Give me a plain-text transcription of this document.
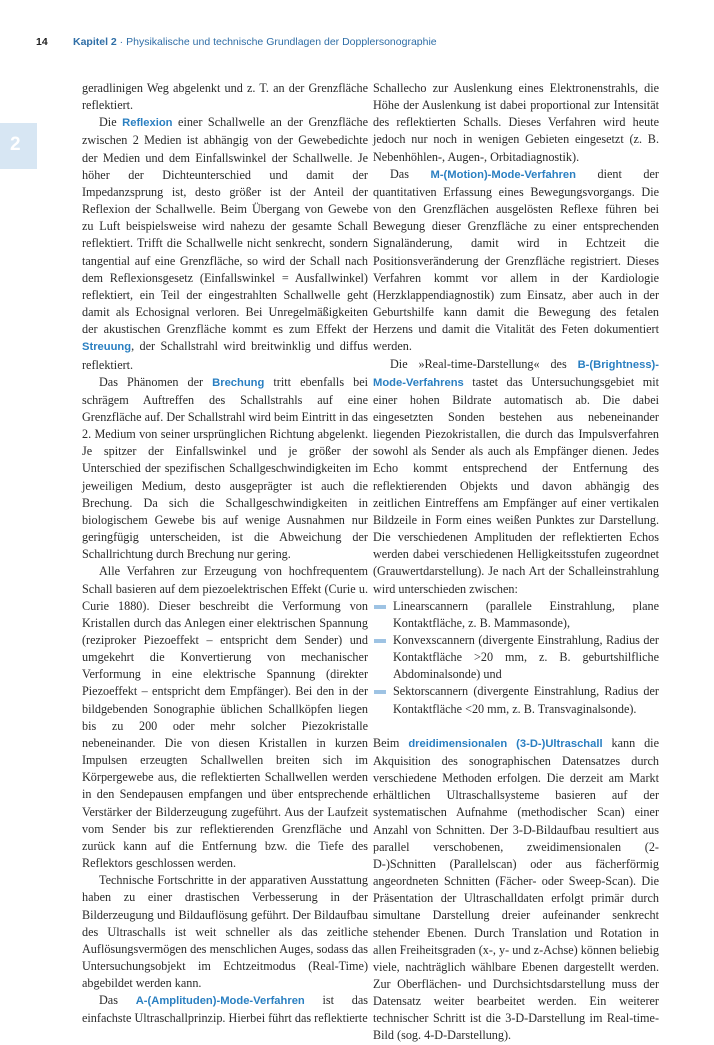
14 Kapitel 2 · Physikalische und technische Grundlagen der Dopplersonographie
2

geradlinigen Weg abgelenkt und z. T. an der Grenzfläche reflektiert.

Die Reflexion einer Schallwelle an der Grenzfläche zwischen 2 Medien ist abhängig von der Gewebedichte der Medien und dem Einfallswinkel der Schallwelle. Je höher der Dichteunterschied und damit der Impedanzsprung ist, desto größer ist der Anteil der Reflexion der Schallwelle. Beim Übergang von Gewebe zu Luft beispielsweise wird nahezu der gesamte Schall reflektiert. Trifft die Schallwelle nicht senkrecht, sondern tangential auf eine Grenzfläche, so wird der Schall nach dem Reflexionsgesetz (Einfallswinkel = Ausfallwinkel) reflektiert, ein Teil der eingestrahlten Schallwelle geht damit als Echosignal verloren. Bei Unregelmäßigkeiten der akustischen Grenzfläche kommt es zum Effekt der Streuung, der Schallstrahl wird breitwinklig und diffus reflektiert.

Das Phänomen der Brechung tritt ebenfalls bei schrägem Auftreffen des Schallstrahls auf eine Grenzfläche auf. Der Schallstrahl wird beim Eintritt in das 2. Medium von seiner ursprünglichen Richtung abgelenkt. Je spitzer der Einfallswinkel und je größer der Unterschied der spezifischen Schallgeschwindigkeiten im jeweiligen Medium, desto ausgeprägter ist auch die Brechung. Da sich die Schallgeschwindigkeiten in biologischem Gewebe bis auf wenige Ausnahmen nur geringfügig unterscheiden, ist die Abweichung der Schallrichtung durch Brechung nur gering.

Alle Verfahren zur Erzeugung von hochfrequentem Schall basieren auf dem piezoelektrischen Effekt (Curie u. Curie 1880). Dieser beschreibt die Verformung von Kristallen durch das Anlegen einer elektrischen Spannung (reziproker Piezoeffekt – entspricht dem Sender) und umgekehrt die Konvertierung von mechanischer Verformung in eine elektrische Spannung (direkter Piezoeffekt – entspricht dem Empfänger). Bei den in der bildgebenden Sonographie üblichen Schallköpfen liegen bis zu 200 oder mehr solcher Piezokristalle nebeneinander. Die von diesen Kristallen in kurzen Impulsen erzeugten Schallwellen breiten sich im Körpergewebe aus, die reflektierten Schallwellen werden in den Sendepausen empfangen und über entsprechende Verstärker der Bilderzeugung zugeführt. Aus der Laufzeit vom Sender bis zur reflektierenden Grenzfläche und zurück kann auf die Entfernung bzw. die Tiefe des Reflektors geschlossen werden.

Technische Fortschritte in der apparativen Ausstattung haben zu einer drastischen Verbesserung in der Bilderzeugung und Bildauflösung geführt. Der Bildaufbau des Ultraschalls ist weit schneller als das zeitliche Auflösungsvermögen des menschlichen Auges, sodass das Untersuchungsobjekt im Echtzeitmodus (Real-Time) abgebildet werden kann.

Das A-(Amplituden)-Mode-Verfahren ist das einfachste Ultraschallprinzip. Hierbei führt das reflektierte

Schallecho zur Auslenkung eines Elektronenstrahls, die Höhe der Auslenkung ist dabei proportional zur Intensität des reflektierten Schalls. Dieses Verfahren wird heute jedoch nur noch in wenigen Gebieten eingesetzt (z. B. Nebenhöhlen-, Augen-, Orbitadiagnostik).

Das M-(Motion)-Mode-Verfahren dient der quantitativen Erfassung eines Bewegungsvorgangs. Die von den Grenzflächen ausgelösten Reflexe führen bei Bewegung dieser Grenzfläche zu einer entsprechenden Signaländerung, damit wird in Echtzeit die Positionsveränderung der Grenzfläche registriert. Dieses Verfahren kommt vor allem in der Kardiologie (Herzklappendiagnostik) zum Einsatz, aber auch in der Geburtshilfe kann damit die Bewegung des fetalen Herzens und damit die Vitalität des Feten dokumentiert werden.

Die »Real-time-Darstellung« des B-(Brightness)-Mode-Verfahrens tastet das Untersuchungsgebiet mit einer hohen Bildrate automatisch ab. Die dabei eingesetzten Sonden bestehen aus nebeneinander liegenden Piezokristallen, die durch das Impulsverfahren sowohl als Sender als auch als Empfänger dienen. Jedes Echo kommt entsprechend der Entfernung des reflektierenden Objekts und davon abhängig des zeitlichen Eintreffens am Empfänger auf einer vertikalen Bildzeile in Form eines weißen Punktes zur Darstellung. Die verschiedenen Amplituden der reflektierten Echos werden dabei verschiedenen Helligkeitsstufen zugeordnet (Grauwertdarstellung). Je nach Art der Schalleinstrahlung wird unterschieden zwischen:

Linearscannern (parallele Einstrahlung, plane Kontaktfläche, z. B. Mammasonde),
Konvexscannern (divergente Einstrahlung, Radius der Kontaktfläche >20 mm, z. B. geburtshilfliche Abdominalsonde) und
Sektorscannern (divergente Einstrahlung, Radius der Kontaktfläche <20 mm, z. B. Transvaginalsonde).

Beim dreidimensionalen (3-D-)Ultraschall kann die Akquisition des sonographischen Datensatzes durch verschiedene Methoden erfolgen. Die derzeit am Markt erhältlichen Ultraschallsysteme basieren auf der systematischen Aufnahme (methodischer Scan) einer Anzahl von Schnitten. Der 3-D-Bildaufbau resultiert aus parallel verschobenen, zweidimensionalen (2-D-)Schnitten (Parallelscan) oder aus fächerförmig angeordneten Schnitten (Fächer- oder Sweep-Scan). Die Präsentation der Ultraschalldaten erfolgt primär durch simultane Darstellung dreier aufeinander senkrecht stehender Ebenen. Durch Translation und Rotation in allen Freiheitsgraden (x-, y- und z-Achse) können beliebig viele, nachträglich wählbare Ebenen dargestellt werden. Zur Oberflächen- und Durchsichtsdarstellung muss der Datensatz weiter bearbeitet werden. Ein weiterer technischer Schritt ist die 3-D-Darstellung im Real-time-Bild (sog. 4-D-Darstellung).
